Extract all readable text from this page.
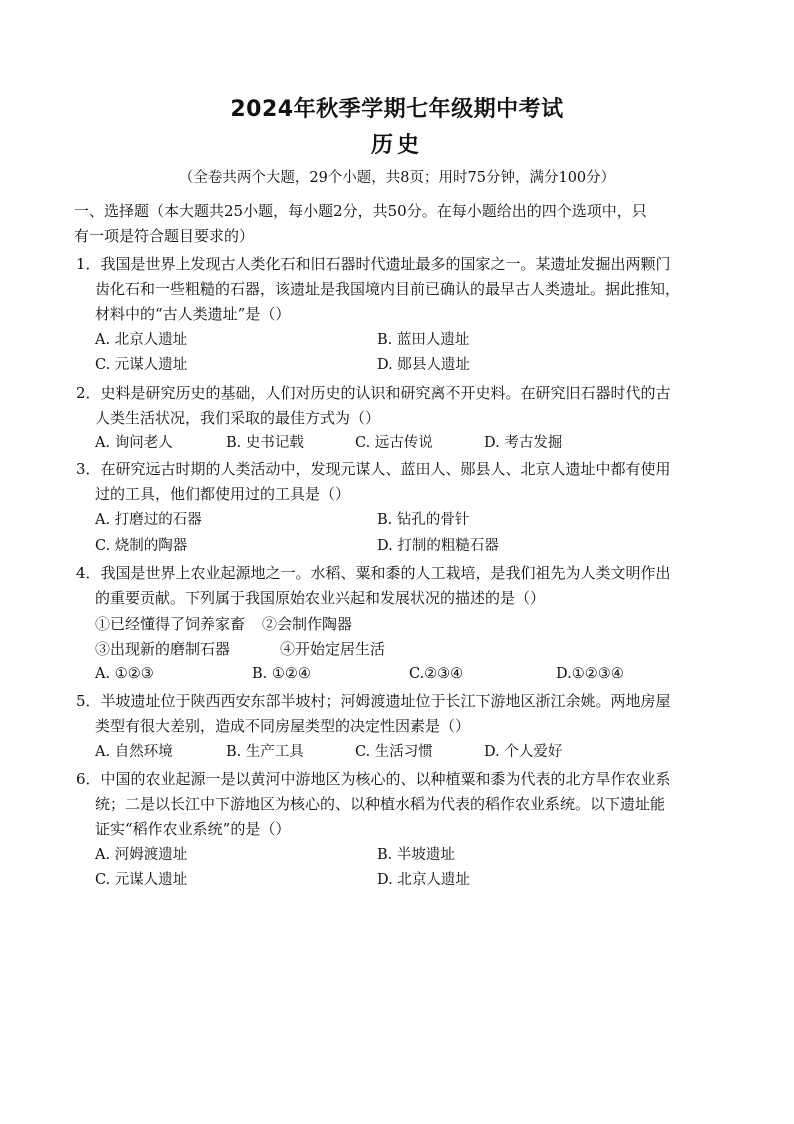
2024年秋季学期七年级期中考试
历史
（全卷共两个大题，29个小题，共8页；用时75分钟，满分100分）
一、选择题（本大题共25小题，每小题2分，共50分。在每小题给出的四个选项中，只
有一项是符合题目要求的）
1．我国是世界上发现古人类化石和旧石器时代遗址最多的国家之一。某遗址发掘出两颗门
齿化石和一些粗糙的石器，该遗址是我国境内目前已确认的最早古人类遗址。据此推知，
材料中的“古人类遗址”是（）
A. 北京人遗址	B. 蓝田人遗址
C. 元谋人遗址	D. 郧县人遗址
2．史料是研究历史的基础，人们对历史的认识和研究离不开史料。在研究旧石器时代的古
人类生活状况，我们采取的最佳方式为（）
A. 询问老人	B. 史书记载	C. 远古传说	D. 考古发掘
3．在研究远古时期的人类活动中，发现元谋人、蓝田人、郧县人、北京人遗址中都有使用
过的工具，他们都使用过的工具是（）
A. 打磨过的石器	B. 钻孔的骨针
C. 烧制的陶器	D. 打制的粗糙石器
4．我国是世界上农业起源地之一。水稻、粟和黍的人工栽培，是我们祖先为人类文明作出
的重要贡献。下列属于我国原始农业兴起和发展状况的描述的是（）
①已经懂得了饲养家畜 ②会制作陶器
③出现新的磨制石器	④开始定居生活
A. ①②③	B. ①②④	C.②③④	D.①②③④
5．半坡遗址位于陕西西安东部半坡村；河姆渡遗址位于长江下游地区浙江余姚。两地房屋
类型有很大差别，造成不同房屋类型的决定性因素是（）
A. 自然环境	B. 生产工具	C. 生活习惯	D. 个人爱好
6．中国的农业起源一是以黄河中游地区为核心的、以种植粟和黍为代表的北方旱作农业系
统；二是以长江中下游地区为核心的、以种植水稻为代表的稻作农业系统。以下遗址能
证实“稻作农业系统”的是（）
A. 河姆渡遗址	B. 半坡遗址
C. 元谋人遗址	D. 北京人遗址
